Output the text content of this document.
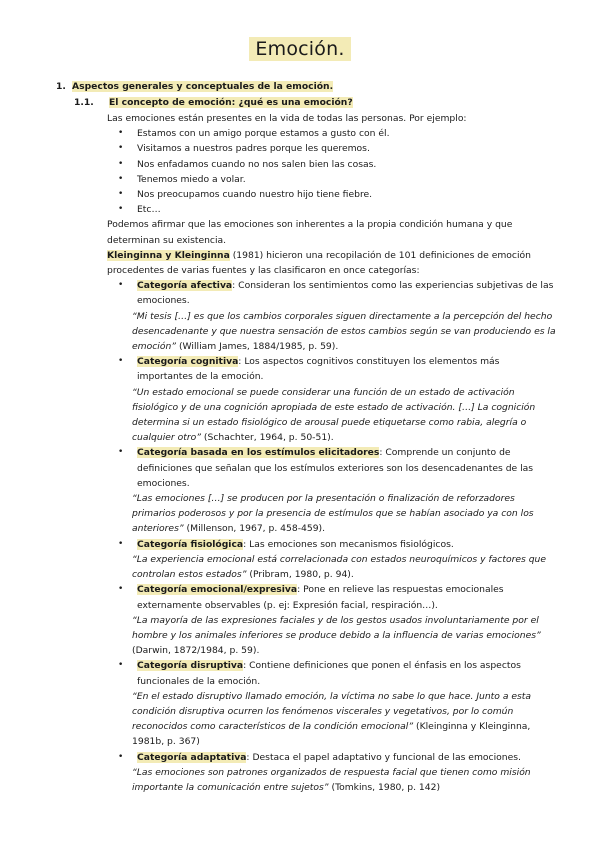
Emoción.
1. Aspectos generales y conceptuales de la emoción.
1.1. El concepto de emoción: ¿qué es una emoción?

Las emociones están presentes en la vida de todas las personas. Por ejemplo:

• Estamos con un amigo porque estamos a gusto con él.
• Visitamos a nuestros padres porque les queremos.
• Nos enfadamos cuando no nos salen bien las cosas.
• Tenemos miedo a volar.
• Nos preocupamos cuando nuestro hijo tiene fiebre.
• Etc…

Podemos afirmar que las emociones son inherentes a la propia condición humana y que determinan su existencia.

Kleinginna y Kleinginna (1981) hicieron una recopilación de 101 definiciones de emoción procedentes de varias fuentes y las clasificaron en once categorías:

• Categoría afectiva: Consideran los sentimientos como las experiencias subjetivas de las emociones.

“Mi tesis […] es que los cambios corporales siguen directamente a la percepción del hecho desencadenante y que nuestra sensación de estos cambios según se van produciendo es la emoción” (William James, 1884/1985, p. 59).

• Categoría cognitiva: Los aspectos cognitivos constituyen los elementos más importantes de la emoción.

“Un estado emocional se puede considerar una función de un estado de activación fisiológico y de una cognición apropiada de este estado de activación. […] La cognición determina si un estado fisiológico de arousal puede etiquetarse como rabia, alegría o cualquier otro” (Schachter, 1964, p. 50-51).

• Categoría basada en los estímulos elicitadores: Comprende un conjunto de definiciones que señalan que los estímulos exteriores son los desencadenantes de las emociones.

“Las emociones […] se producen por la presentación o finalización de reforzadores primarios poderosos y por la presencia de estímulos que se habían asociado ya con los anteriores” (Millenson, 1967, p. 458-459).

• Categoría fisiológica: Las emociones son mecanismos fisiológicos.

“La experiencia emocional está correlacionada con estados neuroquímicos y factores que controlan estos estados” (Pribram, 1980, p. 94).

• Categoría emocional/expresiva: Pone en relieve las respuestas emocionales externamente observables (p. ej: Expresión facial, respiración…).

“La mayoría de las expresiones faciales y de los gestos usados involuntariamente por el hombre y los animales inferiores se produce debido a la influencia de varias emociones” (Darwin, 1872/1984, p. 59).

• Categoría disruptiva: Contiene definiciones que ponen el énfasis en los aspectos funcionales de la emoción.

“En el estado disruptivo llamado emoción, la víctima no sabe lo que hace. Junto a esta condición disruptiva ocurren los fenómenos viscerales y vegetativos, por lo común reconocidos como característicos de la condición emocional” (Kleinginna y Kleinginna, 1981b, p. 367)

• Categoría adaptativa: Destaca el papel adaptativo y funcional de las emociones.

“Las emociones son patrones organizados de respuesta facial que tienen como misión importante la comunicación entre sujetos” (Tomkins, 1980, p. 142)
